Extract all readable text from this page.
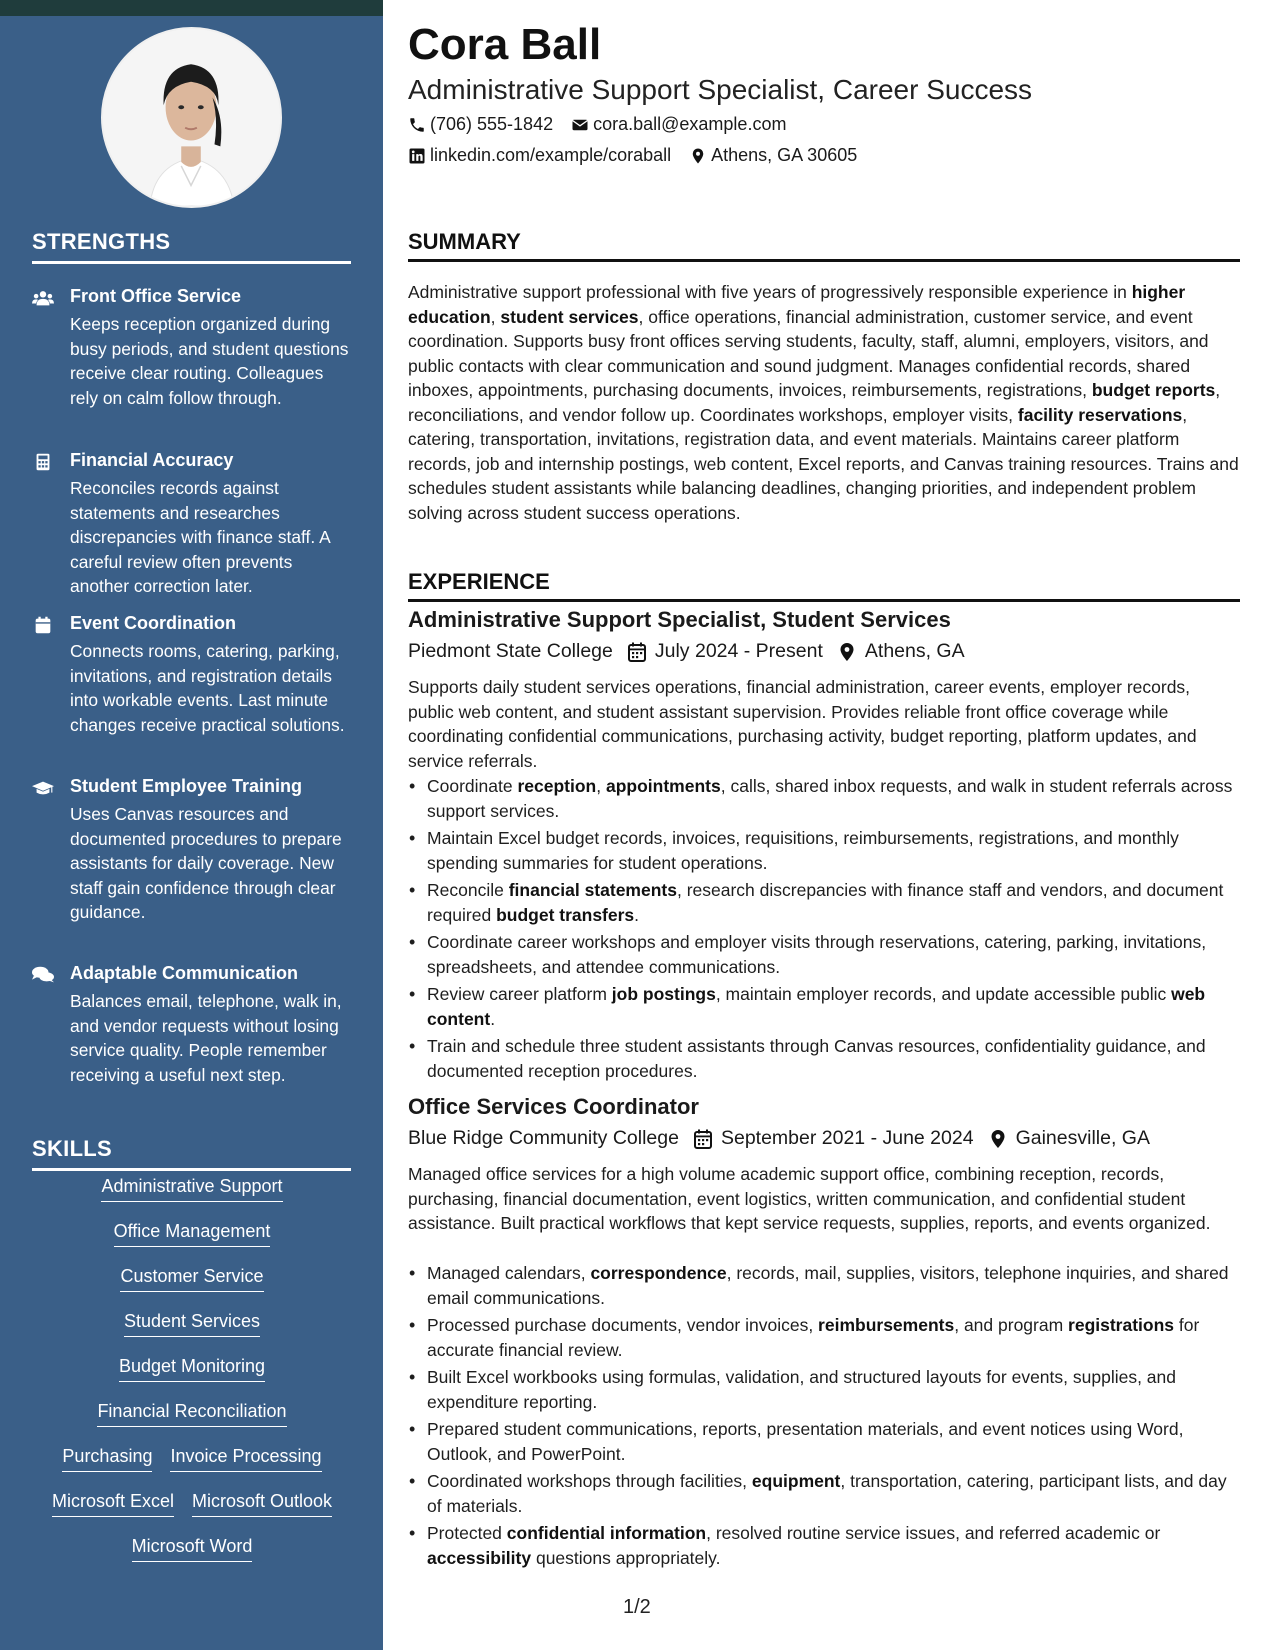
STRENGTHS
Front Office Service
Keeps reception organized during busy periods, and student questions receive clear routing. Colleagues rely on calm follow through.
Financial Accuracy
Reconciles records against statements and researches discrepancies with finance staff. A careful review often prevents another correction later.
Event Coordination
Connects rooms, catering, parking, invitations, and registration details into workable events. Last minute changes receive practical solutions.
Student Employee Training
Uses Canvas resources and documented procedures to prepare assistants for daily coverage. New staff gain confidence through clear guidance.
Adaptable Communication
Balances email, telephone, walk in, and vendor requests without losing service quality. People remember receiving a useful next step.
SKILLS
Administrative Support
Office Management
Customer Service
Student Services
Budget Monitoring
Financial Reconciliation
Purchasing Invoice Processing
Microsoft Excel Microsoft Outlook
Microsoft Word
Cora Ball
Administrative Support Specialist, Career Success
(706) 555-1842 cora.ball@example.com
linkedin.com/example/coraball Athens, GA 30605
SUMMARY
Administrative support professional with five years of progressively responsible experience in higher education, student services, office operations, financial administration, customer service, and event coordination. Supports busy front offices serving students, faculty, staff, alumni, employers, visitors, and public contacts with clear communication and sound judgment. Manages confidential records, shared inboxes, appointments, purchasing documents, invoices, reimbursements, registrations, budget reports, reconciliations, and vendor follow up. Coordinates workshops, employer visits, facility reservations, catering, transportation, invitations, registration data, and event materials. Maintains career platform records, job and internship postings, web content, Excel reports, and Canvas training resources. Trains and schedules student assistants while balancing deadlines, changing priorities, and independent problem solving across student success operations.
EXPERIENCE
Administrative Support Specialist, Student Services
Piedmont State College July 2024 - Present Athens, GA
Supports daily student services operations, financial administration, career events, employer records, public web content, and student assistant supervision. Provides reliable front office coverage while coordinating confidential communications, purchasing activity, budget reporting, platform updates, and service referrals.
• Coordinate reception, appointments, calls, shared inbox requests, and walk in student referrals across support services.
• Maintain Excel budget records, invoices, requisitions, reimbursements, registrations, and monthly spending summaries for student operations.
• Reconcile financial statements, research discrepancies with finance staff and vendors, and document required budget transfers.
• Coordinate career workshops and employer visits through reservations, catering, parking, invitations, spreadsheets, and attendee communications.
• Review career platform job postings, maintain employer records, and update accessible public web content.
• Train and schedule three student assistants through Canvas resources, confidentiality guidance, and documented reception procedures.
Office Services Coordinator
Blue Ridge Community College September 2021 - June 2024 Gainesville, GA
Managed office services for a high volume academic support office, combining reception, records, purchasing, financial documentation, event logistics, written communication, and confidential student assistance. Built practical workflows that kept service requests, supplies, reports, and events organized.
• Managed calendars, correspondence, records, mail, supplies, visitors, telephone inquiries, and shared email communications.
• Processed purchase documents, vendor invoices, reimbursements, and program registrations for accurate financial review.
• Built Excel workbooks using formulas, validation, and structured layouts for events, supplies, and expenditure reporting.
• Prepared student communications, reports, presentation materials, and event notices using Word, Outlook, and PowerPoint.
• Coordinated workshops through facilities, equipment, transportation, catering, participant lists, and day of materials.
• Protected confidential information, resolved routine service issues, and referred academic or accessibility questions appropriately.
1/2
